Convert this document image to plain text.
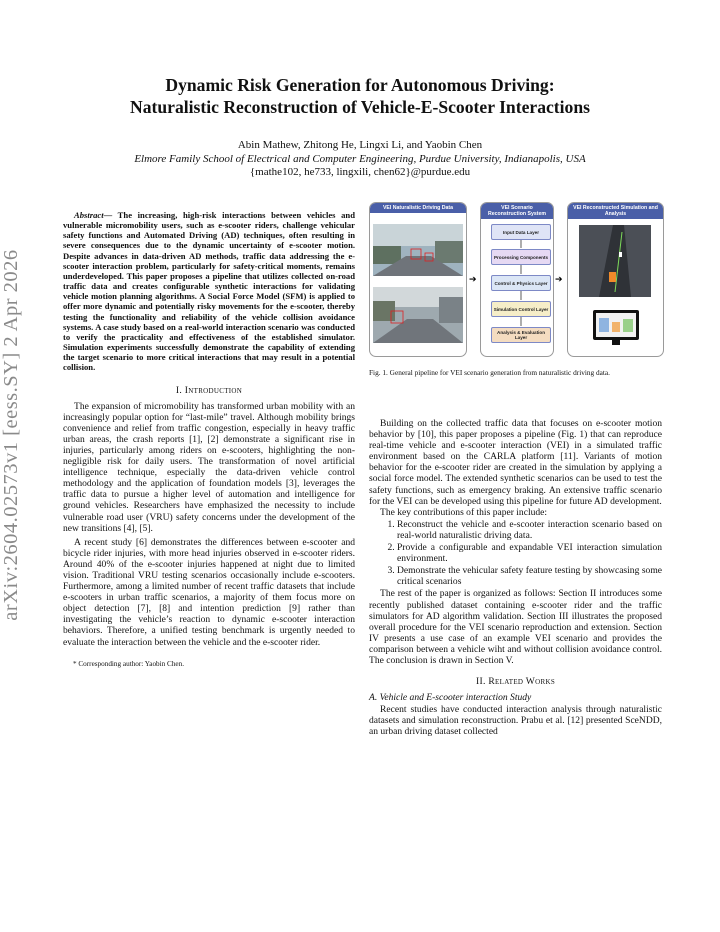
arXiv:2604.02573v1 [eess.SY] 2 Apr 2026
Dynamic Risk Generation for Autonomous Driving:
Naturalistic Reconstruction of Vehicle-E-Scooter Interactions
Abin Mathew, Zhitong He, Lingxi Li, and Yaobin Chen
Elmore Family School of Electrical and Computer Engineering, Purdue University, Indianapolis, USA
{mathe102, he733, lingxili, chen62}@purdue.edu

Abstract— The increasing, high-risk interactions between vehicles and vulnerable micromobility users, such as e-scooter riders, challenge vehicular safety functions and Automated Driving (AD) techniques, often resulting in severe consequences due to the dynamic uncertainty of e-scooter motion. Despite advances in data-driven AD methods, traffic data addressing the e-scooter interaction problem, particularly for safety-critical moments, remains underdeveloped. This paper proposes a pipeline that utilizes collected on-road traffic data and creates configurable synthetic interactions for validating vehicle motion planning algorithms. A Social Force Model (SFM) is applied to offer more dynamic and potentially risky movements for the e-scooter, thereby testing the functionality and reliability of the vehicle collision avoidance systems. A case study based on a real-world interaction scenario was conducted to verify the practicality and effectiveness of the established simulator. Simulation experiments successfully demonstrate the capability of extending the target scenario to more critical interactions that may result in a potential collision.

I. Introduction

The expansion of micromobility has transformed urban mobility with an increasingly popular option for “last-mile” travel. Although mobility brings convenience and relief from traffic congestion, especially in heavy traffic urban areas, the crash reports [1], [2] demonstrate a significant rise in injuries, particularly among riders on e-scooters, highlighting the non-negligible risk for daily users. The transformation of novel artificial intelligence technique, especially the data-driven vehicle control methodology and the application of foundation models [3], leverages the traffic data to pursue a higher level of automation and intelligence for ground vehicles. Researchers have emphasized the necessity to include vulnerable road user (VRU) safety concerns under the development of the new transitions [4], [5].

A recent study [6] demonstrates the differences between e-scooter and bicycle rider injuries, with more head injuries observed in e-scooter riders. Around 40% of the e-scooter injuries happened at night due to limited vision. Traditional VRU testing scenarios occasionally include e-scooters. Furthermore, among a limited number of recent traffic datasets that include e-scooters in urban traffic scenarios, a majority of them focus more on object detection [7], [8] and intention prediction [9] rather than investigating the vehicle’s reaction to dynamic e-scooter interaction behaviors. Therefore, a unified testing benchmark is urgently needed to evaluate the interaction between the vehicle and the e-scooter rider.

* Corresponding author: Yaobin Chen.
VEI Naturalistic Driving Data
➔
VEI Scenario Reconstruction System
Input Data Layer
Processing Components
Control & Physics Layer
Simulation Control Layer
Analysis & Evaluation Layer
➔
VEI Reconstructed Simulation and Analysis
Fig. 1. General pipeline for VEI scenario generation from naturalistic driving data.

Building on the collected traffic data that focuses on e-scooter motion behavior by [10], this paper proposes a pipeline (Fig. 1) that can reproduce real-time vehicle and e-scooter interaction (VEI) in a simulated traffic environment based on the CARLA platform [11]. Variants of motion behavior for the e-scooter rider are created in the simulation by applying a social force model. The extended synthetic scenarios can be used to test the safety functions, such as emergency braking. An extensive traffic scenario for the VEI can be developed using this pipeline for future AD development.

The key contributions of this paper include:

1. Reconstruct the vehicle and e-scooter interaction scenario based on real-world naturalistic driving data.
2. Provide a configurable and expandable VEI interaction simulation environment.
3. Demonstrate the vehicular safety feature testing by showcasing some critical scenarios

The rest of the paper is organized as follows: Section II introduces some recently published dataset containing e-scooter rider and the traffic simulators for AD algorithm validation. Section III illustrates the proposed overall procedure for the VEI scenario reproduction and extension. Section IV presents a use case of an example VEI scenario and provides the comparison between a vehicle wiht and without collision avoidance control. The conclusion is drawn in Section V.

II. Related Works
A. Vehicle and E-scooter interaction Study

Recent studies have conducted interaction analysis through naturalistic datasets and simulation reconstruction. Prabu et al. [12] presented SceNDD, an urban driving dataset collected
